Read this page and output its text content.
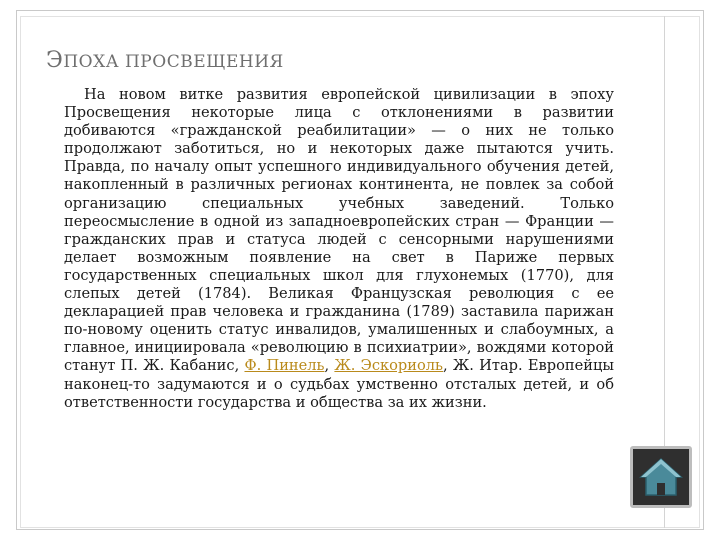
ЭПОХА ПРОСВЕЩЕНИЯ
На новом витке развития европейской цивилизации в эпоху Просвещения некоторые лица с отклонениями в развитии добиваются «гражданской реабилитации» — о них не только продолжают заботиться, но и некоторых даже пытаются учить. Правда, по началу опыт успешного индивидуального обучения детей, накопленный в различных регионах континента, не повлек за собой организацию специальных учебных заведений. Только переосмысление в одной из западноевропейских стран — Франции — гражданских прав и статуса людей с сенсорными нарушениями делает возможным появление на свет в Париже первых государственных специальных школ для глухонемых (1770), для слепых детей (1784). Великая Французская революция с ее декларацией прав человека и гражданина (1789) заставила парижан по-новому оценить статус инвалидов, умалишенных и слабоумных, а главное, инициировала «революцию в психиатрии», вождями которой станут П. Ж. Кабанис, Ф. Пинель, Ж. Эскориоль, Ж. Итар. Европейцы наконец-то задумаются и о судьбах умственно отсталых детей, и об ответственности государства и общества за их жизни.
